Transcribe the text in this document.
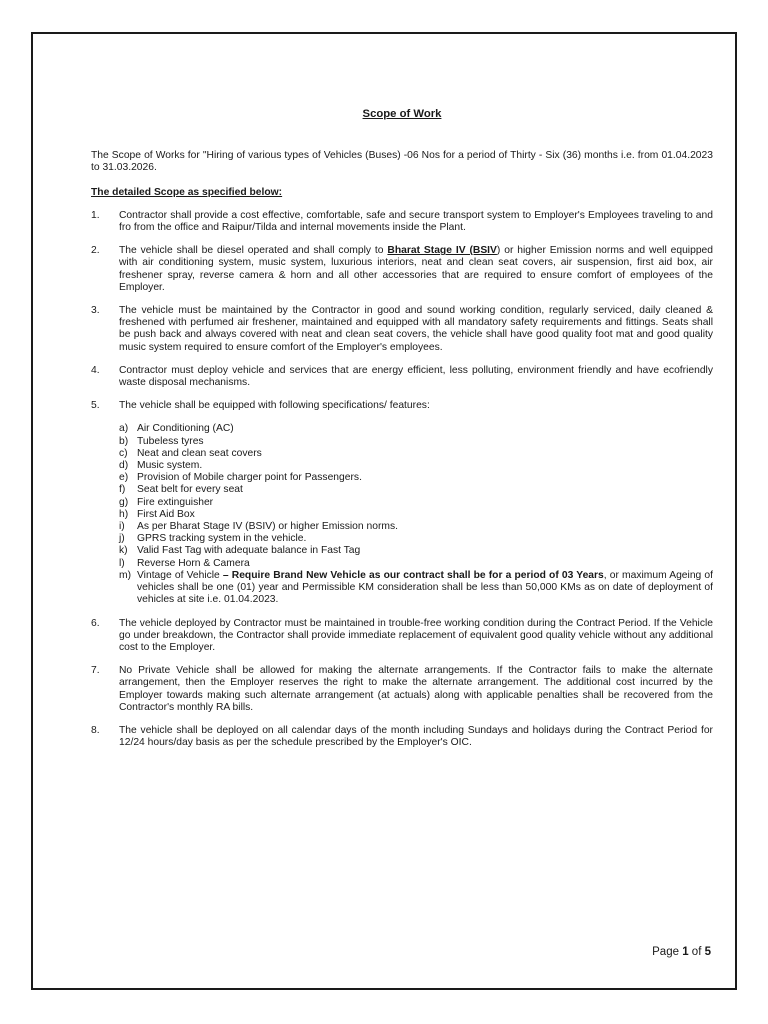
Scope of Work

The Scope of Works for "Hiring of various types of Vehicles (Buses) -06 Nos for a period of Thirty - Six (36) months i.e. from 01.04.2023 to 31.03.2026.

The detailed Scope as specified below:

1. Contractor shall provide a cost effective, comfortable, safe and secure transport system to Employer's Employees traveling to and fro from the office and Raipur/Tilda and internal movements inside the Plant.
2. The vehicle shall be diesel operated and shall comply to Bharat Stage IV (BSIV) or higher Emission norms and well equipped with air conditioning system, music system, luxurious interiors, neat and clean seat covers, air suspension, first aid box, air freshener spray, reverse camera & horn and all other accessories that are required to ensure comfort of employees of the Employer.
3. The vehicle must be maintained by the Contractor in good and sound working condition, regularly serviced, daily cleaned & freshened with perfumed air freshener, maintained and equipped with all mandatory safety requirements and fittings. Seats shall be push back and always covered with neat and clean seat covers, the vehicle shall have good quality foot mat and good quality music system required to ensure comfort of the Employer's employees.
4. Contractor must deploy vehicle and services that are energy efficient, less polluting, environment friendly and have ecofriendly waste disposal mechanisms.
5. The vehicle shall be equipped with following specifications/ features:
a) Air Conditioning (AC)
b) Tubeless tyres
c) Neat and clean seat covers
d) Music system.
e) Provision of Mobile charger point for Passengers.
f) Seat belt for every seat
g) Fire extinguisher
h) First Aid Box
i) As per Bharat Stage IV (BSIV) or higher Emission norms.
j) GPRS tracking system in the vehicle.
k) Valid Fast Tag with adequate balance in Fast Tag
l) Reverse Horn & Camera
m) Vintage of Vehicle – Require Brand New Vehicle as our contract shall be for a period of 03 Years, or maximum Ageing of vehicles shall be one (01) year and Permissible KM consideration shall be less than 50,000 KMs as on date of deployment of vehicles at site i.e. 01.04.2023.
6. The vehicle deployed by Contractor must be maintained in trouble-free working condition during the Contract Period. If the Vehicle go under breakdown, the Contractor shall provide immediate replacement of equivalent good quality vehicle without any additional cost to the Employer.
7. No Private Vehicle shall be allowed for making the alternate arrangements. If the Contractor fails to make the alternate arrangement, then the Employer reserves the right to make the alternate arrangement. The additional cost incurred by the Employer towards making such alternate arrangement (at actuals) along with applicable penalties shall be recovered from the Contractor's monthly RA bills.
8. The vehicle shall be deployed on all calendar days of the month including Sundays and holidays during the Contract Period for 12/24 hours/day basis as per the schedule prescribed by the Employer's OIC.
Page 1 of 5
